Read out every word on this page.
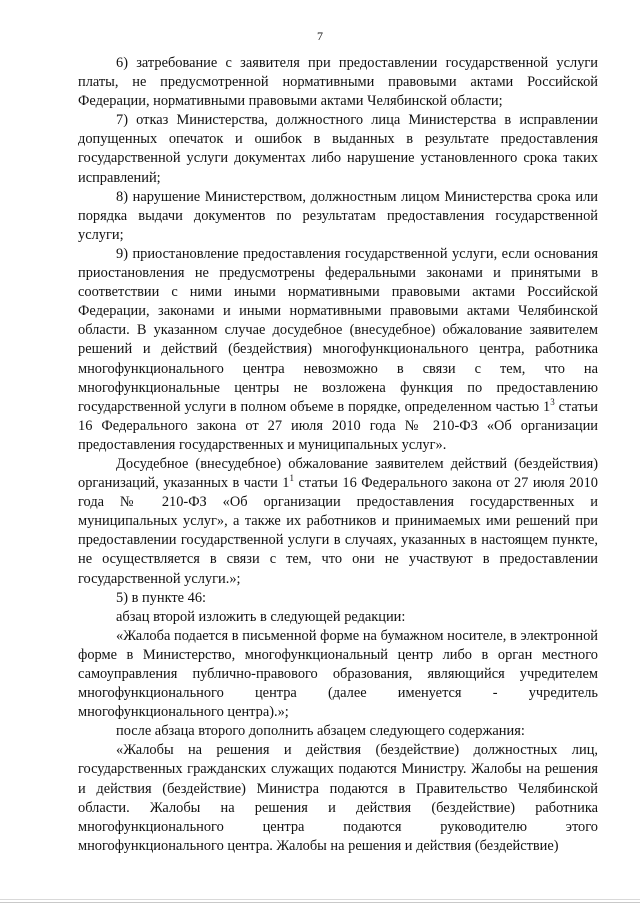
7

6) затребование с заявителя при предоставлении государственной услуги платы, не предусмотренной нормативными правовыми актами Российской Федерации, нормативными правовыми актами Челябинской области;

7) отказ Министерства, должностного лица Министерства в исправлении допущенных опечаток и ошибок в выданных в результате предоставления государственной услуги документах либо нарушение установленного срока таких исправлений;

8) нарушение Министерством, должностным лицом Министерства срока или порядка выдачи документов по результатам предоставления государственной услуги;

9) приостановление предоставления государственной услуги, если основания приостановления не предусмотрены федеральными законами и принятыми в соответствии с ними иными нормативными правовыми актами Российской Федерации, законами и иными нормативными правовыми актами Челябинской области. В указанном случае досудебное (внесудебное) обжалование заявителем решений и действий (бездействия) многофункционального центра, работника многофункционального центра невозможно в связи с тем, что на многофункциональные центры не возложена функция по предоставлению государственной услуги в полном объеме в порядке, определенном частью $1^3$ статьи 16 Федерального закона от 27 июля 2010 года № 210-ФЗ «Об организации предоставления государственных и муниципальных услуг».

Досудебное (внесудебное) обжалование заявителем действий (бездействия) организаций, указанных в части $1^1$ статьи 16 Федерального закона от 27 июля 2010 года № 210-ФЗ «Об организации предоставления государственных и муниципальных услуг», а также их работников и принимаемых ими решений при предоставлении государственной услуги в случаях, указанных в настоящем пункте, не осуществляется в связи с тем, что они не участвуют в предоставлении государственной услуги.»;

5) в пункте 46:

абзац второй изложить в следующей редакции:

«Жалоба подается в письменной форме на бумажном носителе, в электронной форме в Министерство, многофункциональный центр либо в орган местного самоуправления публично-правового образования, являющийся учредителем многофункционального центра (далее именуется - учредитель многофункционального центра).»;

после абзаца второго дополнить абзацем следующего содержания:

«Жалобы на решения и действия (бездействие) должностных лиц, государственных гражданских служащих подаются Министру. Жалобы на решения и действия (бездействие) Министра подаются в Правительство Челябинской области. Жалобы на решения и действия (бездействие) работника многофункционального центра подаются руководителю этого многофункционального центра. Жалобы на решения и действия (бездействие)
